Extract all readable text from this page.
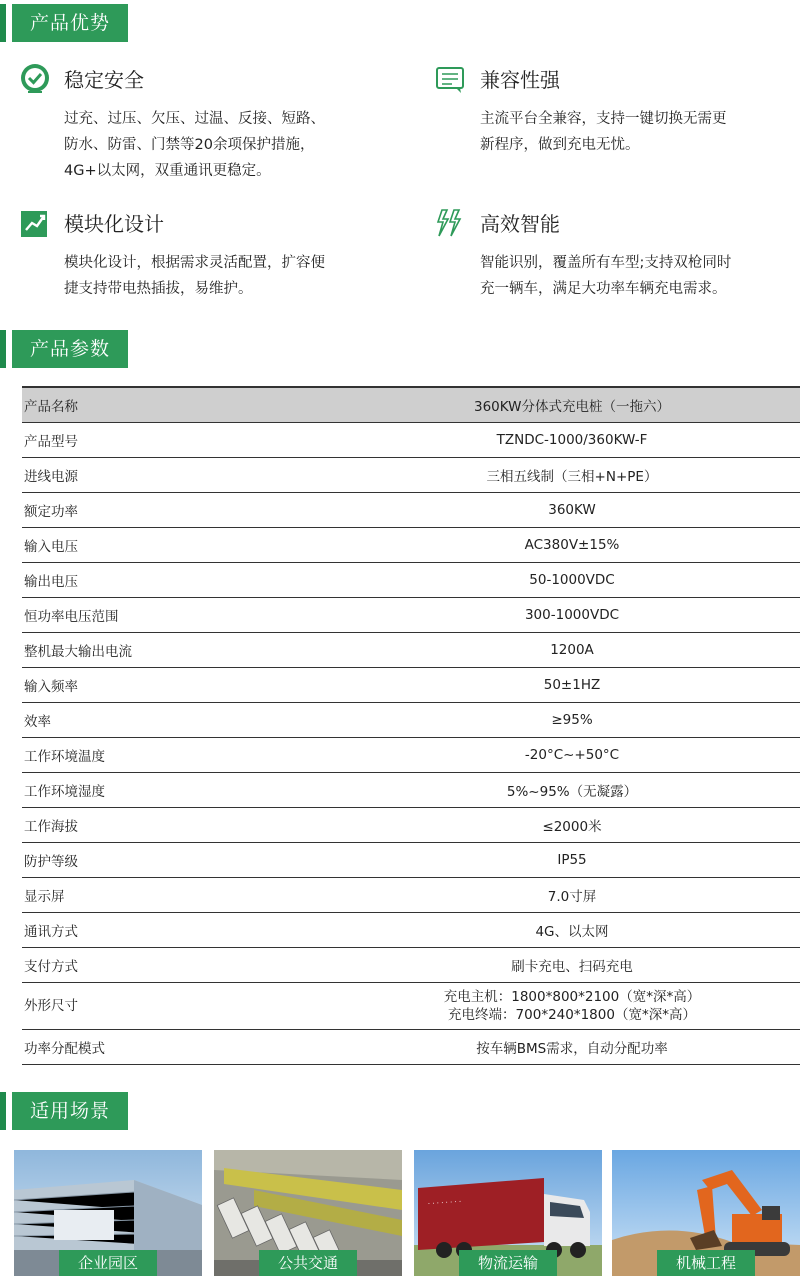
产品优势
稳定安全
过充、过压、欠压、过温、反接、短路、
防水、防雷、门禁等20余项保护措施，
4G+以太网，双重通讯更稳定。
兼容性强
主流平台全兼容，支持一键切换无需更
新程序，做到充电无忧。
模块化设计
模块化设计，根据需求灵活配置，扩容便
捷支持带电热插拔，易维护。
高效智能
智能识别，覆盖所有车型;支持双枪同时
充一辆车，满足大功率车辆充电需求。
产品参数
产品名称	360KW分体式充电桩（一拖六）
产品型号	TZNDC-1000/360KW-F
进线电源	三相五线制（三相+N+PE）
额定功率	360KW
输入电压	AC380V±15%
输出电压	50-1000VDC
恒功率电压范围	300-1000VDC
整机最大输出电流	1200A
输入频率	50±1HZ
效率	≥95%
工作环境温度	-20°C~+50°C
工作环境湿度	5%~95%（无凝露）
工作海拔	≤2000米
防护等级	IP55
显示屏	7.0寸屏
通讯方式	4G、以太网
支付方式	刷卡充电、扫码充电
外形尺寸	充电主机：1800*800*2100（宽*深*高）
充电终端：700*240*1800（宽*深*高）

功率分配模式	按车辆BMS需求，自动分配功率
适用场景
企业园区	公共交通
· · · · · · · ·
物流运输	机械工程
